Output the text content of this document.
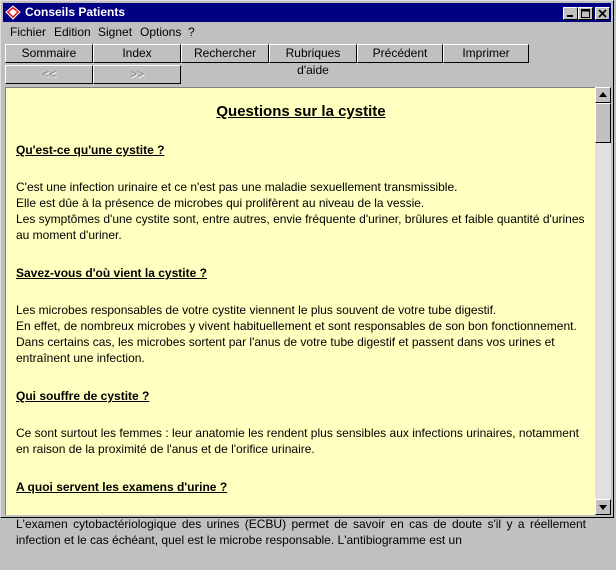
Conseils Patients
Fichier Edition Signet Options ?
Sommaire	Index	Rechercher	Rubriques d'aide
Précédent	Imprimer
<<	>>
Questions sur la cystite
Qu'est-ce qu'une cystite ?

C'est une infection urinaire et ce n'est pas une maladie sexuellement transmissible.
Elle est dûe à la présence de microbes qui prolifèrent au niveau de la vessie.
Les symptômes d'une cystite sont, entre autres, envie fréquente d'uriner, brûlures et faible quantité d'urines au moment d'uriner.

Savez-vous d'où vient la cystite ?

Les microbes responsables de votre cystite viennent le plus souvent de votre tube digestif.
En effet, de nombreux microbes y vivent habituellement et sont responsables de son bon fonctionnement. Dans certains cas, les microbes sortent par l'anus de votre tube digestif et passent dans vos urines et entraînent une infection.

Qui souffre de cystite ?

Ce sont surtout les femmes : leur anatomie les rendent plus sensibles aux infections urinaires, notamment en raison de la proximité de l'anus et de l'orifice urinaire.

A quoi servent les examens d'urine ?

L'examen cytobactériologique des urines (ECBU) permet de savoir en cas de doute s'il y a réellement infection et le cas échéant, quel est le microbe responsable. L'antibiogramme est un
